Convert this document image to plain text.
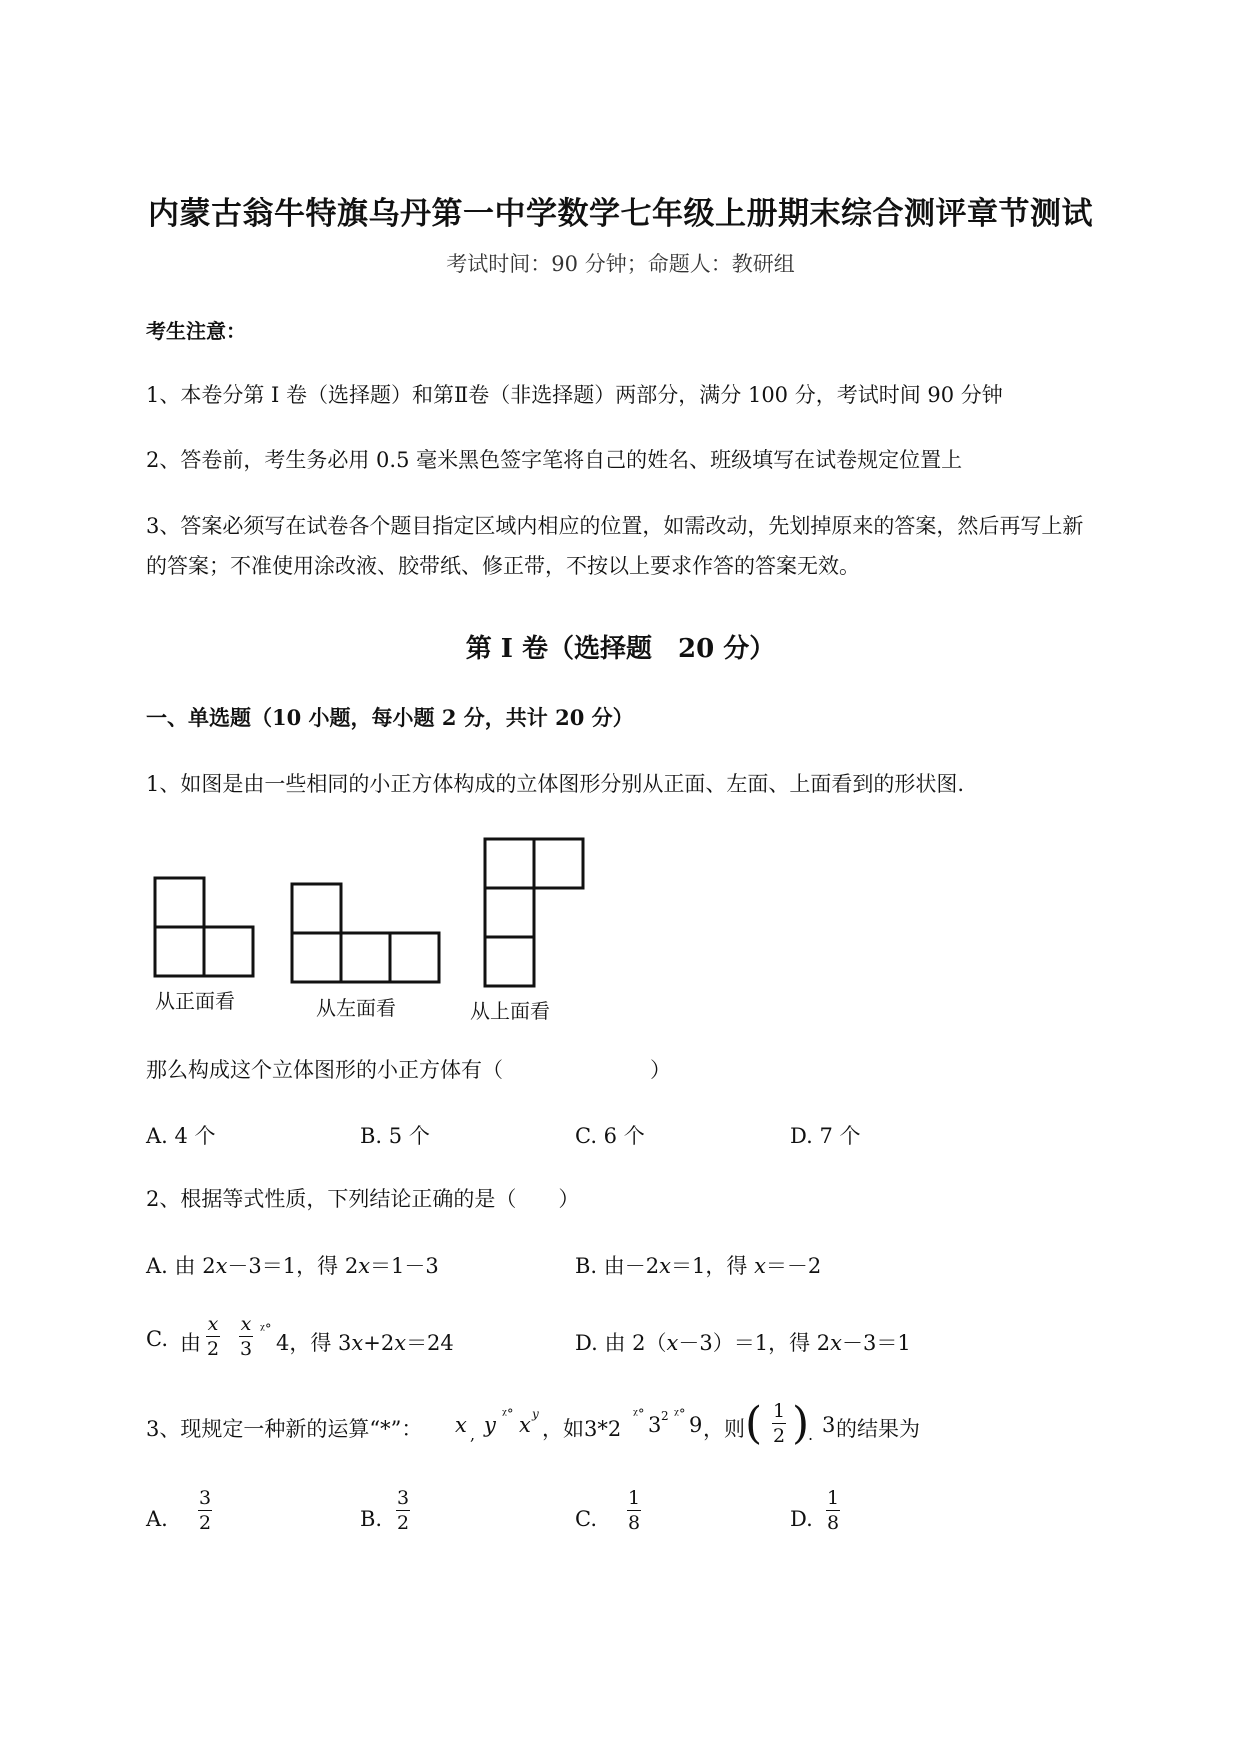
内蒙古翁牛特旗乌丹第一中学数学七年级上册期末综合测评章节测试
考试时间：90 分钟；命题人：教研组
考生注意：
1、本卷分第 I 卷（选择题）和第Ⅱ卷（非选择题）两部分，满分 100 分，考试时间 90 分钟
2、答卷前，考生务必用 0.5 毫米黑色签字笔将自己的姓名、班级填写在试卷规定位置上
3、答案必须写在试卷各个题目指定区域内相应的位置，如需改动，先划掉原来的答案，然后再写上新
的答案；不准使用涂改液、胶带纸、修正带，不按以上要求作答的答案无效。
第 I 卷（选择题　20 分）
一、单选题（10 小题，每小题 2 分，共计 20 分）
1、如图是由一些相同的小正方体构成的立体图形分别从正面、左面、上面看到的形状图.
从正面看	从左面看	从上面看
那么构成这个立体图形的小正方体有（　　　　　　　）
A. 4 个	B. 5 个	C. 6 个	D. 7 个
2、根据等式性质，下列结论正确的是（　　）
A. 由 2x－3＝1，得 2x＝1－3	B. 由－2x＝1，得 x＝－2
C. 由
x
2
x
3
ᵡ°
4，得 3x+2x＝24	D. 由 2（x－3）＝1，得 2x－3＝1
3、现规定一种新的运算“*”： x , y ᵡ° x y
，如3*2
ᵡ° 3 2 ᵡ° 9 ，则 ( 1
2 )
. 3 的结果为
A.
3
2	B.
3
2	C.
1
8	D.
1
8
